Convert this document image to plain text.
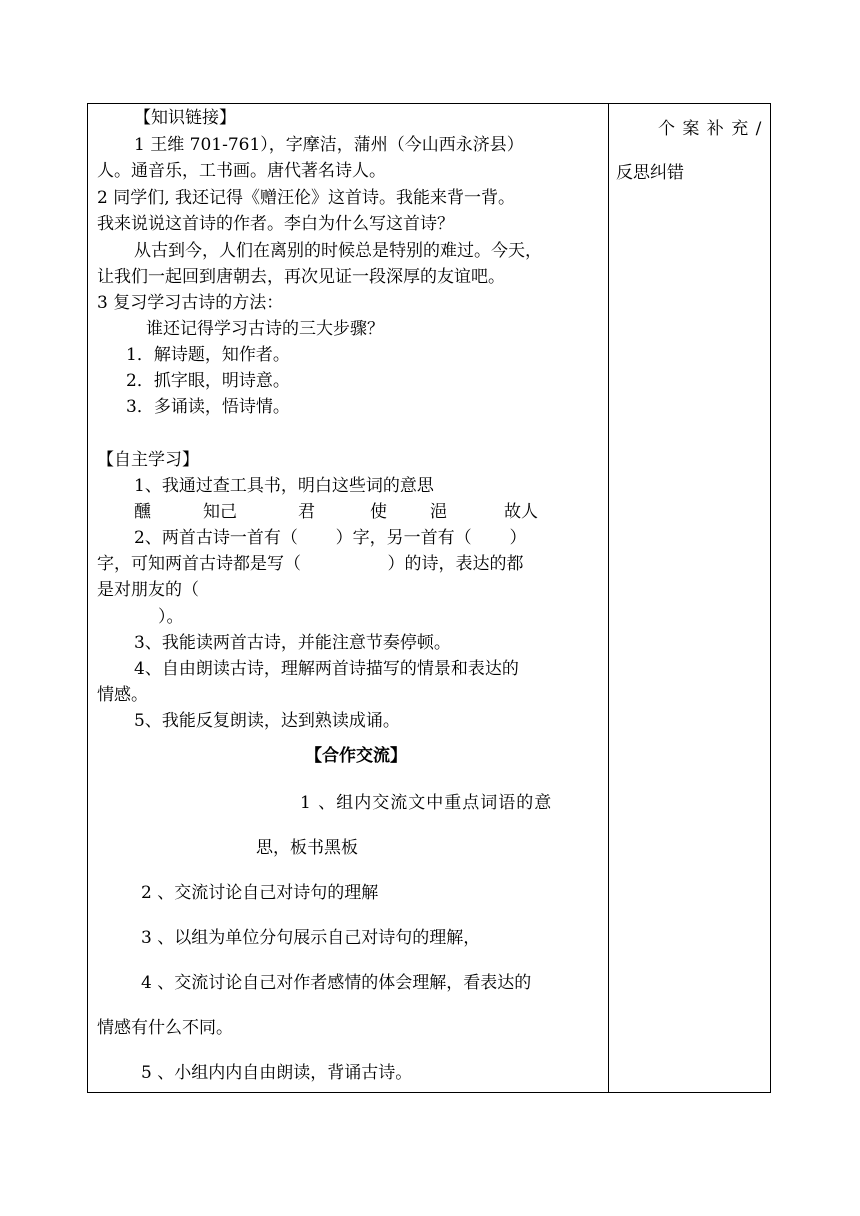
个 案 补 充 /
反思纠错
【知识链接】
1 王维 701-761），字摩洁，蒲州（今山西永济县）
人。通音乐，工书画。唐代著名诗人。
2 同学们, 我还记得《赠汪伦》这首诗。我能来背一背。
我来说说这首诗的作者。李白为什么写这首诗？
从古到今，人们在离别的时候总是特别的难过。今天，
让我们一起回到唐朝去，再次见证一段深厚的友谊吧。
3 复习学习古诗的方法：
谁还记得学习古诗的三大步骤？
1．解诗题，知作者。
2．抓字眼，明诗意。
3．多诵读，悟诗情。
【自主学习】
1、我通过查工具书，明白这些词的意思
醺	知己	君	使	浥	故人
2、两首古诗一首有（       ）字，另一首有（       ）
字，可知两首古诗都是写（                ）的诗，表达的都
是对朋友的（
）。
3、我能读两首古诗，并能注意节奏停顿。
4、自由朗读古诗，理解两首诗描写的情景和表达的
情感。
5、我能反复朗读，达到熟读成诵。
【合作交流】
1 、组内交流文中重点词语的意
思，板书黑板
2 、交流讨论自己对诗句的理解
3 、以组为单位分句展示自己对诗句的理解，
4 、交流讨论自己对作者感情的体会理解，看表达的
情感有什么不同。
5 、小组内内自由朗读，背诵古诗。
